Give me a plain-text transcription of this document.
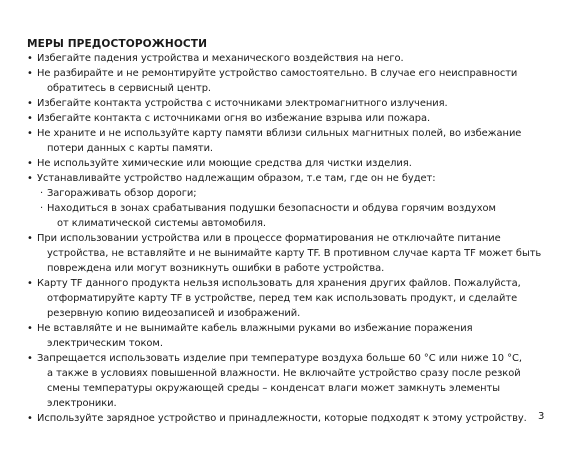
МЕРЫ ПРЕДОСТОРОЖНОСТИ
• Избегайте падения устройства и механического воздействия на него.
• Не разбирайте и не ремонтируйте устройство самостоятельно. В случае его неисправности
обратитесь в сервисный центр.
• Избегайте контакта устройства с источниками электромагнитного излучения.
• Избегайте контакта с источниками огня во избежание взрыва или пожара.
• Не храните и не используйте карту памяти вблизи сильных магнитных полей, во избежание
потери данных с карты памяти.
• Не используйте химические или моющие средства для чистки изделия.
• Устанавливайте устройство надлежащим образом, т.е там, где он не будет:
· Загораживать обзор дороги;
· Находиться в зонах срабатывания подушки безопасности и обдува горячим воздухом
от климатической системы автомобиля.
• При использовании устройства или в процессе форматирования не отключайте питание
устройства, не вставляйте и не вынимайте карту TF. В противном случае карта TF может быть
повреждена или могут возникнуть ошибки в работе устройства.
• Карту TF данного продукта нельзя использовать для хранения других файлов. Пожалуйста,
отформатируйте карту TF в устройстве, перед тем как использовать продукт, и сделайте
резервную копию видеозаписей и изображений.
• Не вставляйте и не вынимайте кабель влажными руками во избежание поражения
электрическим током.
• Запрещается использовать изделие при температуре воздуха больше 60 °С или ниже 10 °С,
а также в условиях повышенной влажности. Не включайте устройство сразу после резкой
смены температуры окружающей среды – конденсат влаги может замкнуть элементы
электроники.
• Используйте зарядное устройство и принадлежности, которые подходят к этому устройству.	3
